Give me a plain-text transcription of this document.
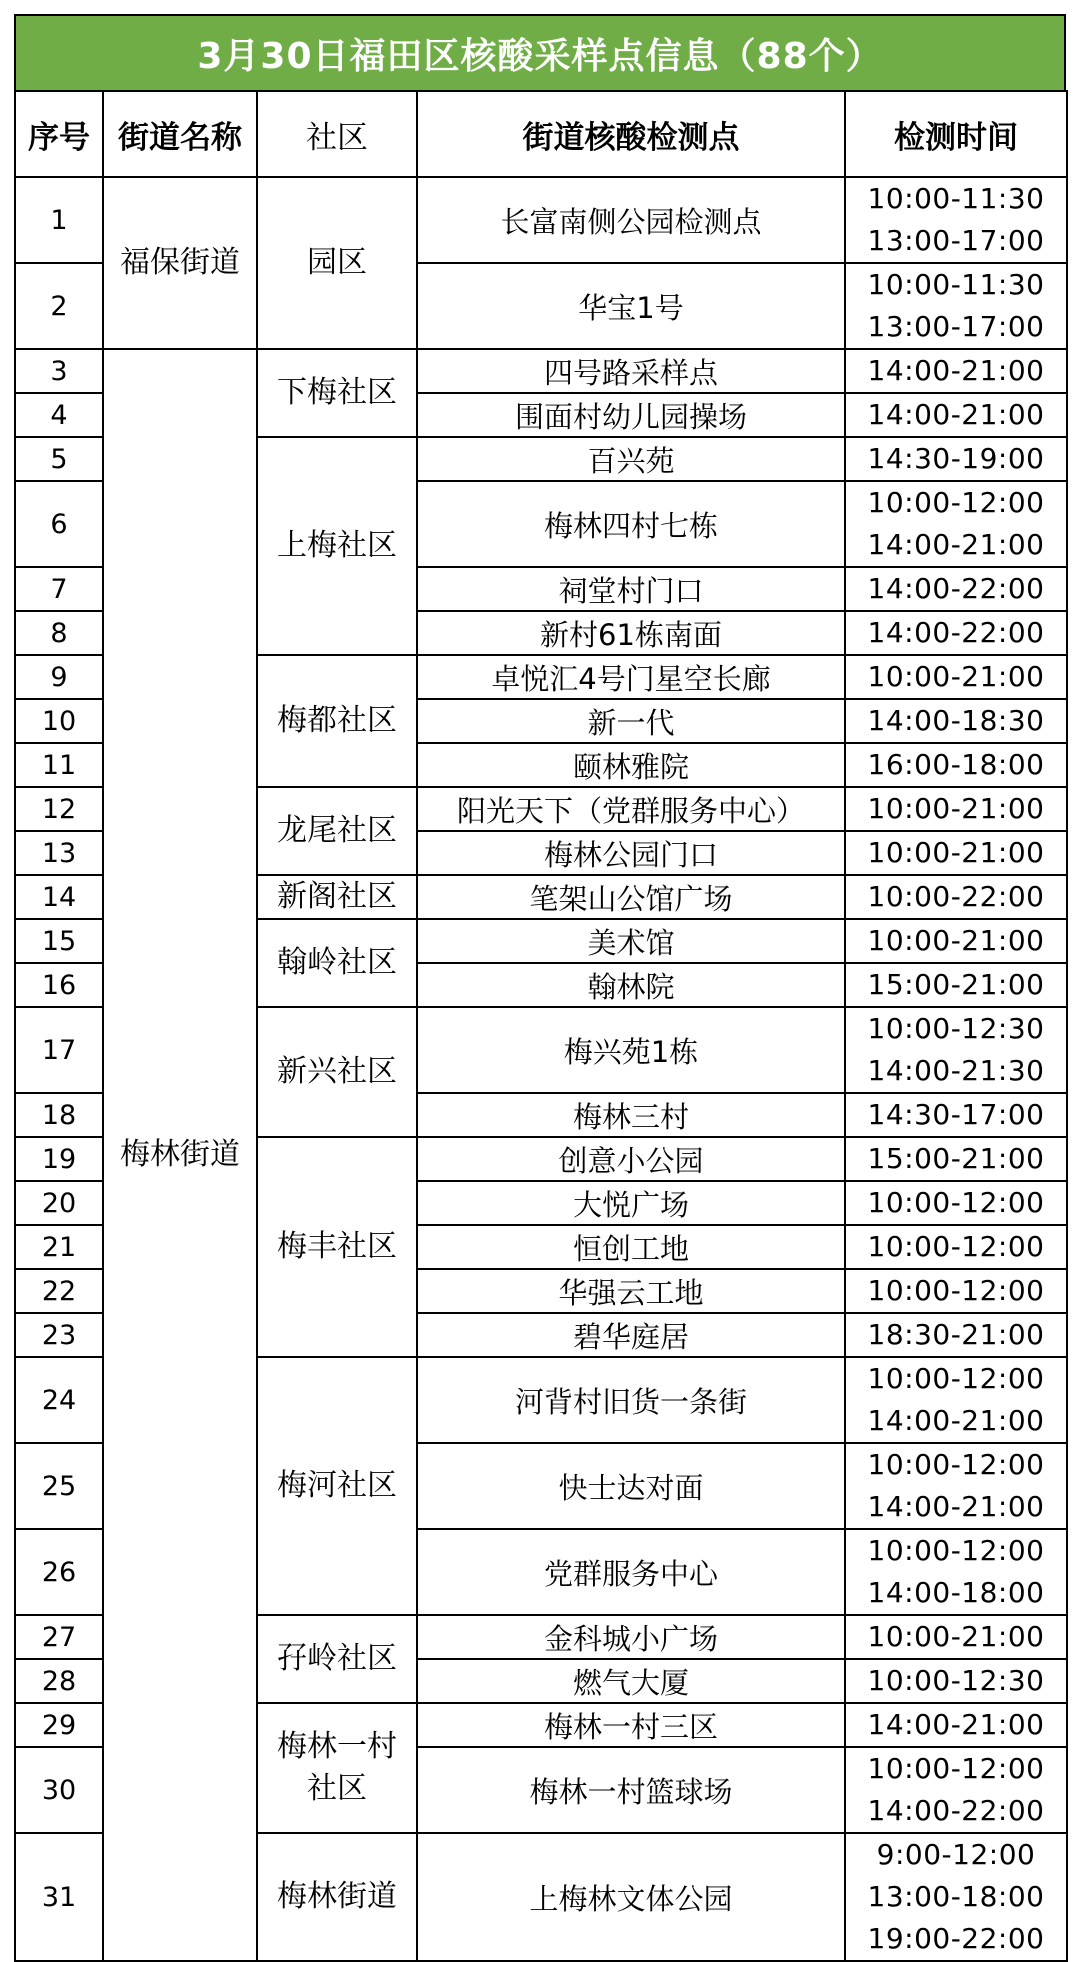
3月30日福田区核酸采样点信息（88个）
序号	街道名称	社区	街道核酸检测点	检测时间
1	福保街道	园区	长富南侧公园检测点	10:00-11:30
13:00-17:00

2			华宝1号	10:00-11:30
13:00-17:00

3	梅林街道	下梅社区	四号路采样点	14:00-21:00

4			围面村幼儿园操场	14:00-21:00

5		上梅社区	百兴苑	14:30-19:00

6			梅林四村七栋	10:00-12:00
14:00-21:00

7			祠堂村门口	14:00-22:00

8			新村61栋南面	14:00-22:00

9		梅都社区	卓悦汇4号门星空长廊	10:00-21:00

10			新一代	14:00-18:30

11			颐林雅院	16:00-18:00

12		龙尾社区	阳光天下（党群服务中心）	10:00-21:00

13			梅林公园门口	10:00-21:00

14		新阁社区	笔架山公馆广场	10:00-22:00

15		翰岭社区	美术馆	10:00-21:00

16			翰林院	15:00-21:00

17		新兴社区	梅兴苑1栋	10:00-12:30
14:00-21:30

18			梅林三村	14:30-17:00

19		梅丰社区	创意小公园	15:00-21:00

20			大悦广场	10:00-12:00

21			恒创工地	10:00-12:00

22			华强云工地	10:00-12:00

23			碧华庭居	18:30-21:00

24		梅河社区	河背村旧货一条街	10:00-12:00
14:00-21:00

25			快士达对面	10:00-12:00
14:00-21:00

26			党群服务中心	10:00-12:00
14:00-18:00

27		孖岭社区	金科城小广场	10:00-21:00

28			燃气大厦	10:00-12:30

29		梅林一村社区	梅林一村三区	14:00-21:00

30			梅林一村篮球场	10:00-12:00
14:00-22:00

31		梅林街道	上梅林文体公园	9:00-12:00
13:00-18:00
19:00-22:00
